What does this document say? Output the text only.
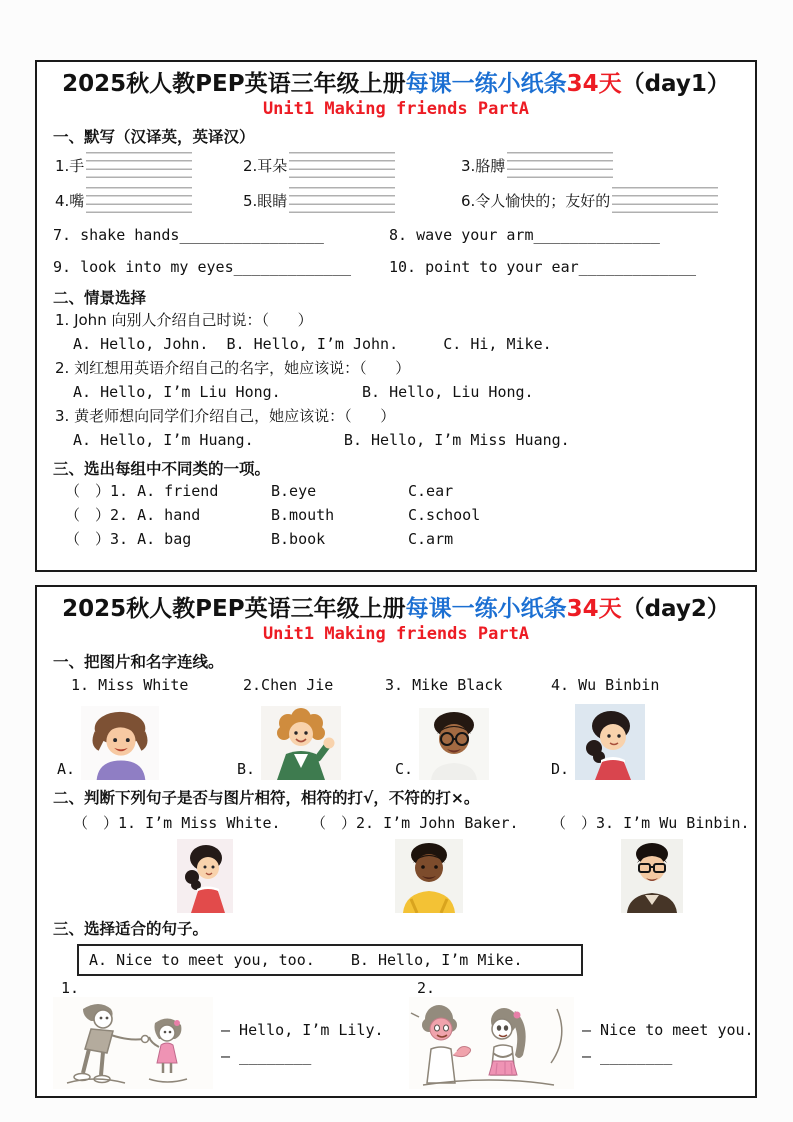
2025秋人教PEP英语三年级上册每课一练小纸条34天（day1）
Unit1 Making friends PartA
一、默写（汉译英，英译汉）
1.手	2.耳朵	3.胳膊
4.嘴	5.眼睛	6.令人愉快的；友好的
7. shake hands________________	8. wave your arm______________
9. look into my eyes_____________	10. point to your ear_____________
二、情景选择
1. John 向别人介绍自己时说：（      ）
A. Hello, John.  B. Hello, I’m John.     C. Hi, Mike.
2. 刘红想用英语介绍自己的名字，她应该说：（      ）
A. Hello, I’m Liu Hong.         B. Hello, Liu Hong.
3. 黄老师想向同学们介绍自己，她应该说：（      ）
A. Hello, I’m Huang.          B. Hello, I’m Miss Huang.
三、选出每组中不同类的一项。
（　）1. A. friend	B.eye	C.ear
（　）2. A. hand	B.mouth	C.school
（　）3. A. bag	B.book	C.arm
2025秋人教PEP英语三年级上册每课一练小纸条34天（day2）
Unit1 Making friends PartA
一、把图片和名字连线。
1. Miss White	2.Chen Jie	3. Mike Black	4. Wu Binbin
A.	B.	C.	D.
二、判断下列句子是否与图片相符，相符的打√，不符的打×。
（　）1. I’m Miss White.	（　）2. I’m John Baker.	（　）3. I’m Wu Binbin.
三、选择适合的句子。
A. Nice to meet you, too.    B. Hello, I’m Mike.
1.
— Hello, I’m Lily.
— ________
2.
— Nice to meet you.
— ________
